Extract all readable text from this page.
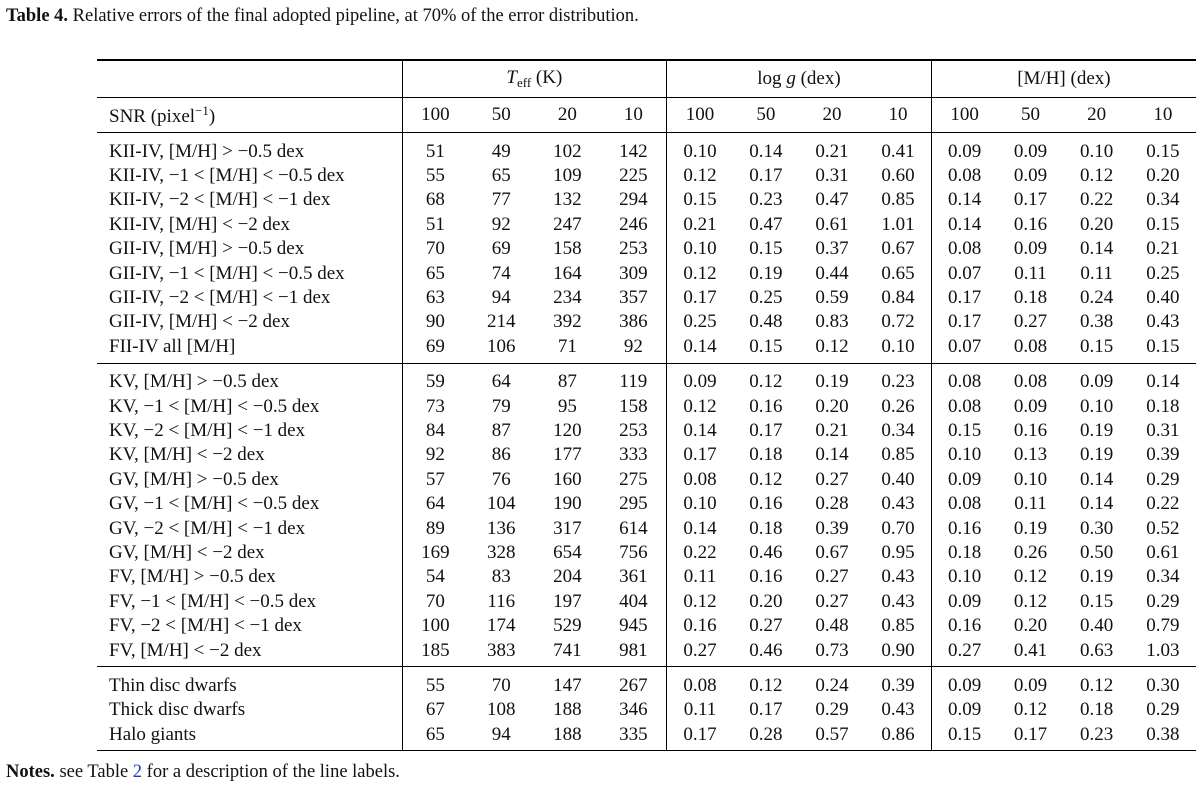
Table 4. Relative errors of the final adopted pipeline, at 70% of the error distribution.

	$T_{eff}$ (K)				log g (dex)				[M/H] (dex)			
SNR (pixel$^{-1}$)	100	50	20	10	100	50	20	10	100	50	20	10
KII-IV, [M/H] > −0.5 dex	51	49	102	142	0.10	0.14	0.21	0.41	0.09	0.09	0.10	0.15
KII-IV, −1 < [M/H] < −0.5 dex	55	65	109	225	0.12	0.17	0.31	0.60	0.08	0.09	0.12	0.20
KII-IV, −2 < [M/H] < −1 dex	68	77	132	294	0.15	0.23	0.47	0.85	0.14	0.17	0.22	0.34
KII-IV, [M/H] < −2 dex	51	92	247	246	0.21	0.47	0.61	1.01	0.14	0.16	0.20	0.15
GII-IV, [M/H] > −0.5 dex	70	69	158	253	0.10	0.15	0.37	0.67	0.08	0.09	0.14	0.21
GII-IV, −1 < [M/H] < −0.5 dex	65	74	164	309	0.12	0.19	0.44	0.65	0.07	0.11	0.11	0.25
GII-IV, −2 < [M/H] < −1 dex	63	94	234	357	0.17	0.25	0.59	0.84	0.17	0.18	0.24	0.40
GII-IV, [M/H] < −2 dex	90	214	392	386	0.25	0.48	0.83	0.72	0.17	0.27	0.38	0.43
FII-IV all [M/H]	69	106	71	92	0.14	0.15	0.12	0.10	0.07	0.08	0.15	0.15
KV, [M/H] > −0.5 dex	59	64	87	119	0.09	0.12	0.19	0.23	0.08	0.08	0.09	0.14
KV, −1 < [M/H] < −0.5 dex	73	79	95	158	0.12	0.16	0.20	0.26	0.08	0.09	0.10	0.18
KV, −2 < [M/H] < −1 dex	84	87	120	253	0.14	0.17	0.21	0.34	0.15	0.16	0.19	0.31
KV, [M/H] < −2 dex	92	86	177	333	0.17	0.18	0.14	0.85	0.10	0.13	0.19	0.39
GV, [M/H] > −0.5 dex	57	76	160	275	0.08	0.12	0.27	0.40	0.09	0.10	0.14	0.29
GV, −1 < [M/H] < −0.5 dex	64	104	190	295	0.10	0.16	0.28	0.43	0.08	0.11	0.14	0.22
GV, −2 < [M/H] < −1 dex	89	136	317	614	0.14	0.18	0.39	0.70	0.16	0.19	0.30	0.52
GV, [M/H] < −2 dex	169	328	654	756	0.22	0.46	0.67	0.95	0.18	0.26	0.50	0.61
FV, [M/H] > −0.5 dex	54	83	204	361	0.11	0.16	0.27	0.43	0.10	0.12	0.19	0.34
FV, −1 < [M/H] < −0.5 dex	70	116	197	404	0.12	0.20	0.27	0.43	0.09	0.12	0.15	0.29
FV, −2 < [M/H] < −1 dex	100	174	529	945	0.16	0.27	0.48	0.85	0.16	0.20	0.40	0.79
FV, [M/H] < −2 dex	185	383	741	981	0.27	0.46	0.73	0.90	0.27	0.41	0.63	1.03
Thin disc dwarfs	55	70	147	267	0.08	0.12	0.24	0.39	0.09	0.09	0.12	0.30
Thick disc dwarfs	67	108	188	346	0.11	0.17	0.29	0.43	0.09	0.12	0.18	0.29
Halo giants	65	94	188	335	0.17	0.28	0.57	0.86	0.15	0.17	0.23	0.38

Notes. see Table 2 for a description of the line labels.
